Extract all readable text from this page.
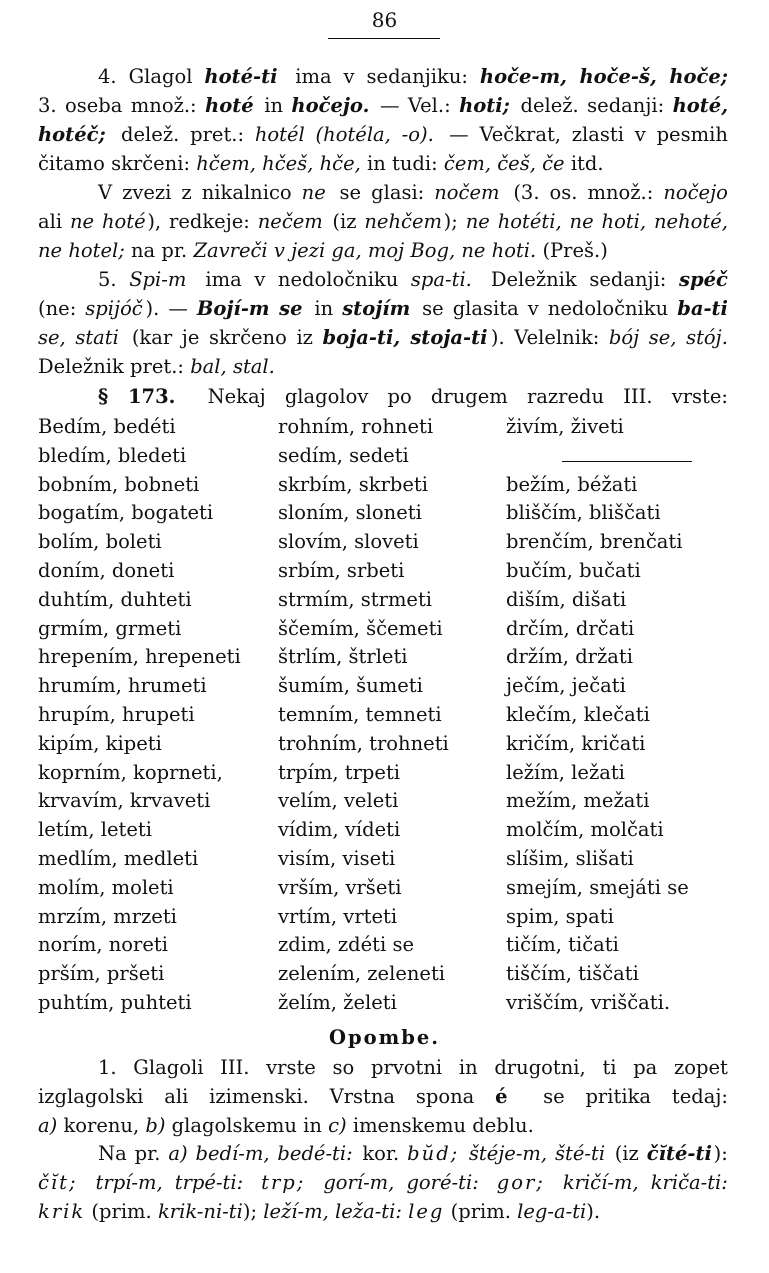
86
4. Glagol hoté-ti
ima v sedanjiku: hoče-m, hoče-š, hoče;
3. oseba množ.: hoté
in hočejo.
— Vel.: hoti;
delež. sedanji: hoté,
hotéč;
delež. pret.: hotél (hotéla, -o).
— Večkrat, zlasti v pesmih
čitamo skrčeni: hčem, hčeš, hče,
in tudi: čem, češ, če
itd.
V zvezi z nikalnico ne
se glasi: nočem
(3. os. množ.: nočejo
ali ne hoté ), redkeje: nečem
(iz nehčem ); ne hotéti, ne hoti, nehoté,
ne hotel;
na pr. Zavreči v jezi ga, moj Bog, ne hoti.
(Preš.)
5. Spi-m
ima v nedoločniku spa-ti.
Deležnik sedanji: spéč
(ne: spijóč ). — Bojí-m se
in stojím
se glasita v nedoločniku ba-ti
se, stati
(kar je skrčeno iz boja-ti, stoja-ti ). Velelnik: bój se, stój.
Deležnik pret.: bal, stal.
§ 173.
Nekaj glagolov po drugem razredu III. vrste:
Bedím, bedéti	rohním, rohneti	živím, živeti
bledím, bledeti	sedím, sedeti
bobním, bobneti	skrbím, skrbeti	bežím, béžati
bogatím, bogateti	sloním, sloneti	bliščím, bliščati
bolím, boleti	slovím, sloveti	brenčím, brenčati
doním, doneti	srbím, srbeti	bučím, bučati
duhtím, duhteti	strmím, strmeti	diším, dišati
grmím, grmeti	ščemím, ščemeti	drčím, drčati
hrepením, hrepeneti	štrlím, štrleti	držím, držati
hrumím, hrumeti	šumím, šumeti	ječím, ječati
hrupím, hrupeti	temním, temneti	klečím, klečati
kipím, kipeti	trohním, trohneti	kričím, kričati
koprním, koprneti,	trpím, trpeti	ležím, ležati
krvavím, krvaveti	velím, veleti	mežím, mežati
letím, leteti	vídim, vídeti	molčím, molčati
medlím, medleti	visím, viseti	slíšim, slišati
molím, moleti	vrším, vršeti	smejím, smejáti se
mrzím, mrzeti	vrtím, vrteti	spim, spati
norím, noreti	zdim, zdéti se	tičím, tičati
prším, pršeti	zelením, zeleneti	tiščím, tiščati
puhtím, puhteti	želím, želeti	vriščím, vriščati.
Opombe.
1. Glagoli III. vrste so prvotni in drugotni, ti pa zopet
izglagolski ali izimenski. Vrstna spona é
se pritika tedaj:
a)
korenu, b)
glagolskemu in c)
imenskemu deblu.
Na pr. a) bedí-m, bedé-ti:
kor. bŭd;
štéje-m, šté-ti
(iz čĭté-ti ):
čĭt;
trpí-m, trpé-ti:
trp;
gorí-m, goré-ti:
gor;
kričí-m, kriča-ti:
krik
(prim. krik-ni-ti ); leží-m, leža-ti:
leg
(prim. leg-a-ti ).
